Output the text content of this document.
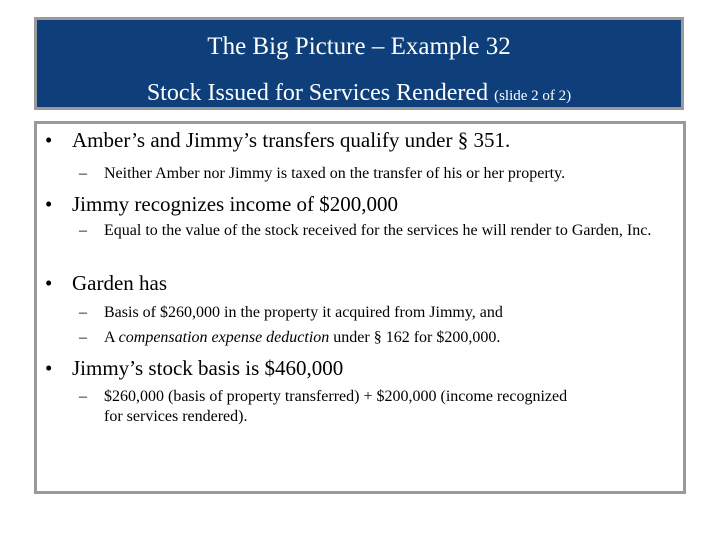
The Big Picture – Example 32
Stock Issued for Services Rendered (slide 2 of 2)
• Amber’s and Jimmy’s transfers qualify under § 351.
– Neither Amber nor Jimmy is taxed on the transfer of his or her property.
• Jimmy recognizes income of $200,000
– Equal to the value of the stock received for the services he will render to Garden, Inc.
• Garden has
– Basis of $260,000 in the property it acquired from Jimmy, and
– A compensation expense deduction under § 162 for $200,000.
• Jimmy’s stock basis is $460,000
– $260,000 (basis of property transferred) + $200,000 (income recognized for services rendered).
